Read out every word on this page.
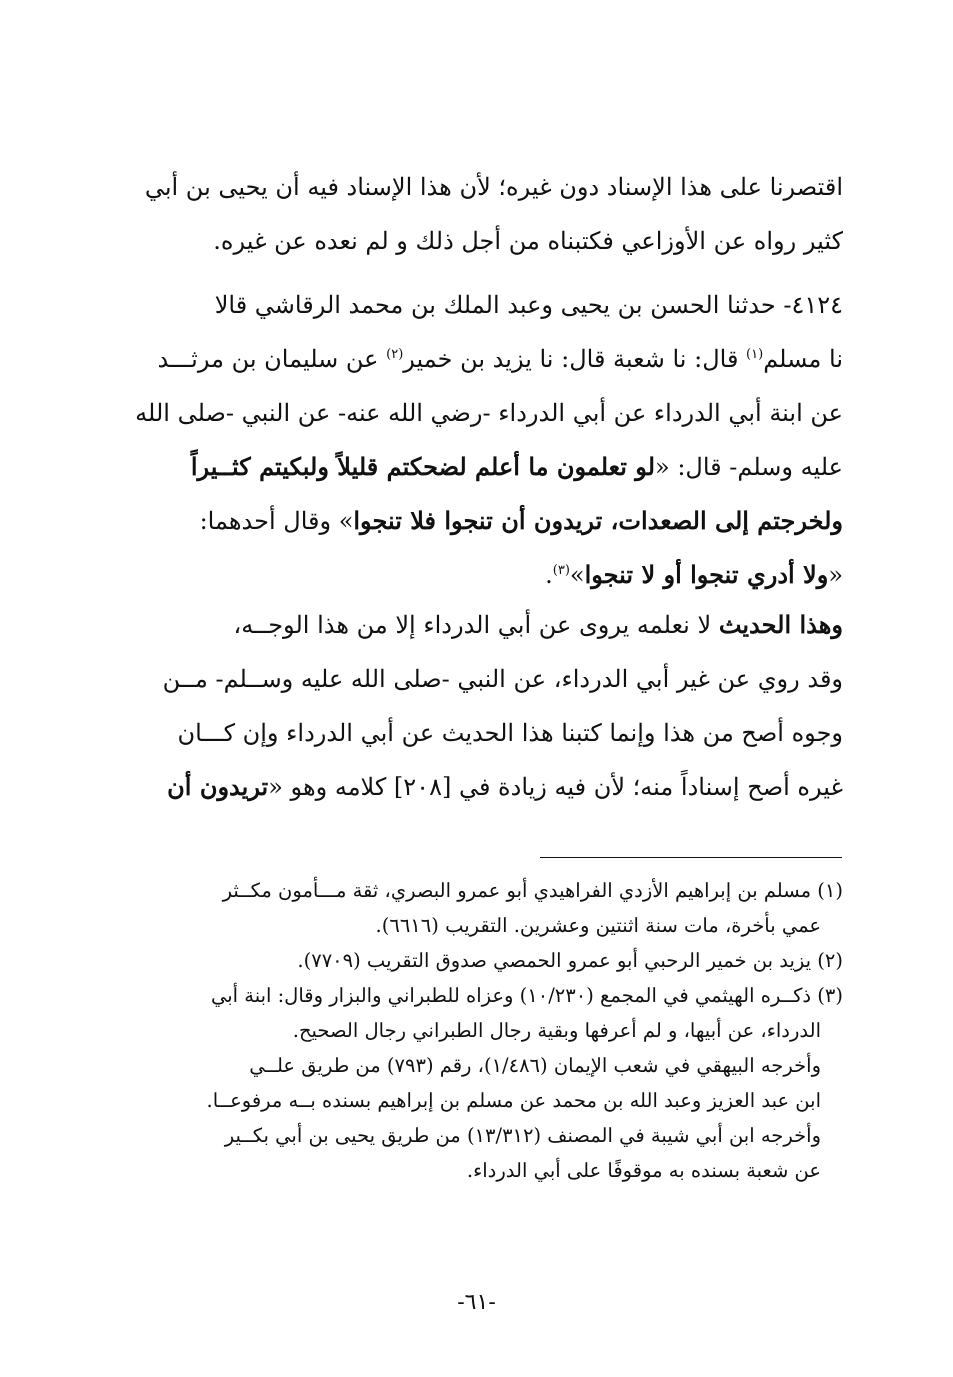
اقتصرنا على هذا الإسناد دون غيره؛ لأن هذا الإسناد فيه أن يحيى بن أبي
كثير رواه عن الأوزاعي فكتبناه من أجل ذلك و لم نعده عن غيره.
٤١٢٤- حدثنا الحسن بن يحيى وعبد الملك بن محمد الرقاشي قالا
نا مسلم$^{(١)}$ قال: نا شعبة قال: نا يزيد بن خمير$^{(٢)}$ عن سليمان بن مرثـــد
عن ابنة أبي الدرداء عن أبي الدرداء -رضي الله عنه- عن النبي -صلى الله
عليه وسلم- قال: «لو تعلمون ما أعلم لضحكتم قليلاً ولبكيتم كثــيراً
ولخرجتم إلى الصعدات، تريدون أن تنجوا فلا تنجوا» وقال أحدهما:
«ولا أدري تنجوا أو لا تنجوا»$^{(٣)}$.
وهذا الحديث لا نعلمه يروى عن أبي الدرداء إلا من هذا الوجــه،
وقد روي عن غير أبي الدرداء، عن النبي -صلى الله عليه وســلم- مــن
وجوه أصح من هذا وإنما كتبنا هذا الحديث عن أبي الدرداء وإن كـــان
غيره أصح إسناداً منه؛ لأن فيه زيادة في [٢٠٨] كلامه وهو «تريدون أن
(١) مسلم بن إبراهيم الأزدي الفراهيدي أبو عمرو البصري، ثقة مـــأمون مكــثر
عمي بأخرة، مات سنة اثنتين وعشرين. التقريب (٦٦١٦).
(٢) يزيد بن خمير الرحبي أبو عمرو الحمصي صدوق التقريب (٧٧٠٩).
(٣) ذكــره الهيثمي في المجمع (١٠/٢٣٠) وعزاه للطبراني والبزار وقال: ابنة أبي
الدرداء، عن أبيها، و لم أعرفها وبقية رجال الطبراني رجال الصحيح.
وأخرجه البيهقي في شعب الإيمان (١/٤٨٦)، رقم (٧٩٣) من طريق علــي
ابن عبد العزيز وعبد الله بن محمد عن مسلم بن إبراهيم بسنده بــه مرفوعــا.
وأخرجه ابن أبي شيبة في المصنف (١٣/٣١٢) من طريق يحيى بن أبي بكــير
عن شعبة بسنده به موقوفًا على أبي الدرداء.
-٦١-
